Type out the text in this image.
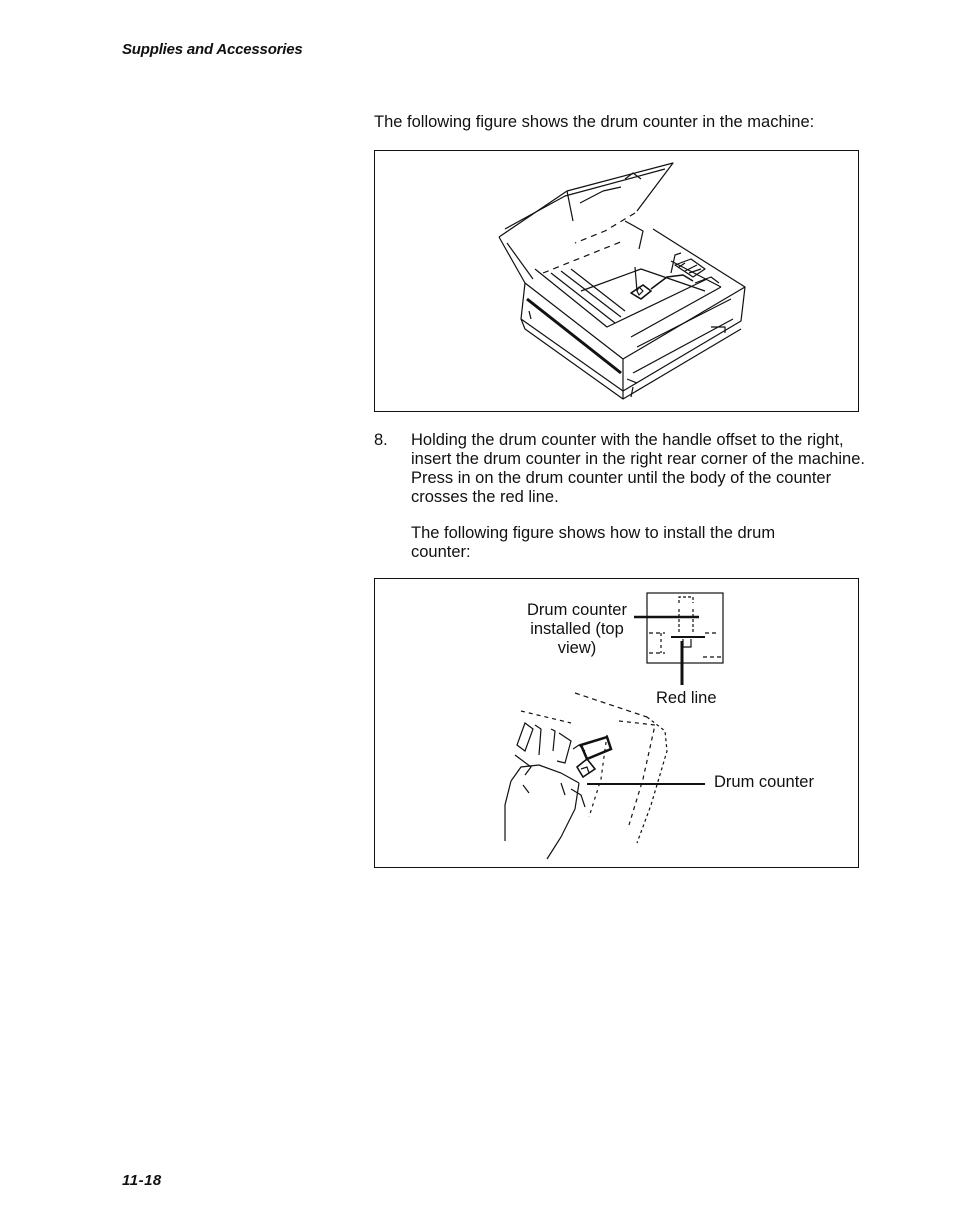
Supplies and Accessories
The following figure shows the drum counter in the machine:
8. Holding the drum counter with the handle offset to the right, insert the drum counter in the right rear corner of the machine. Press in on the drum counter until the body of the counter crosses the red line.
The following figure shows how to install the drum counter:
Drum counter installed (top view)
Red line
Drum counter
11-18
